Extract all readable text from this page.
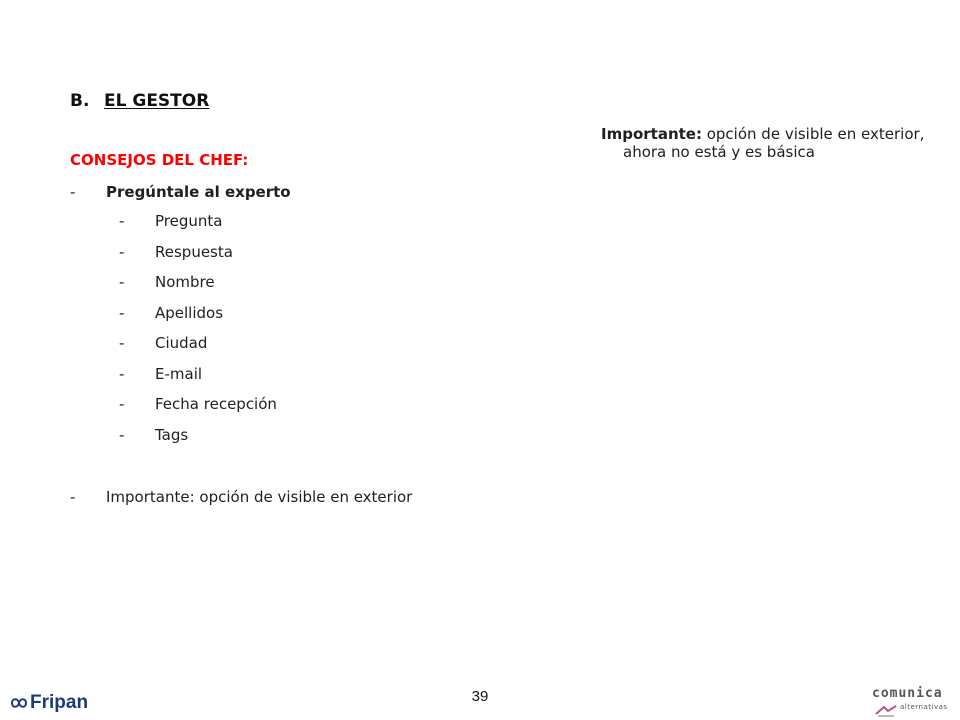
B. EL GESTOR
CONSEJOS DEL CHEF:
- Pregúntale al experto
- Pregunta
- Respuesta
- Nombre
- Apellidos
- Ciudad
- E-mail
- Fecha recepción
- Tags
- Importante: opción de visible en exterior
Importante: opción de visible en exterior,
ahora no está y es básica
Fripan	39	comunica
alternativas
